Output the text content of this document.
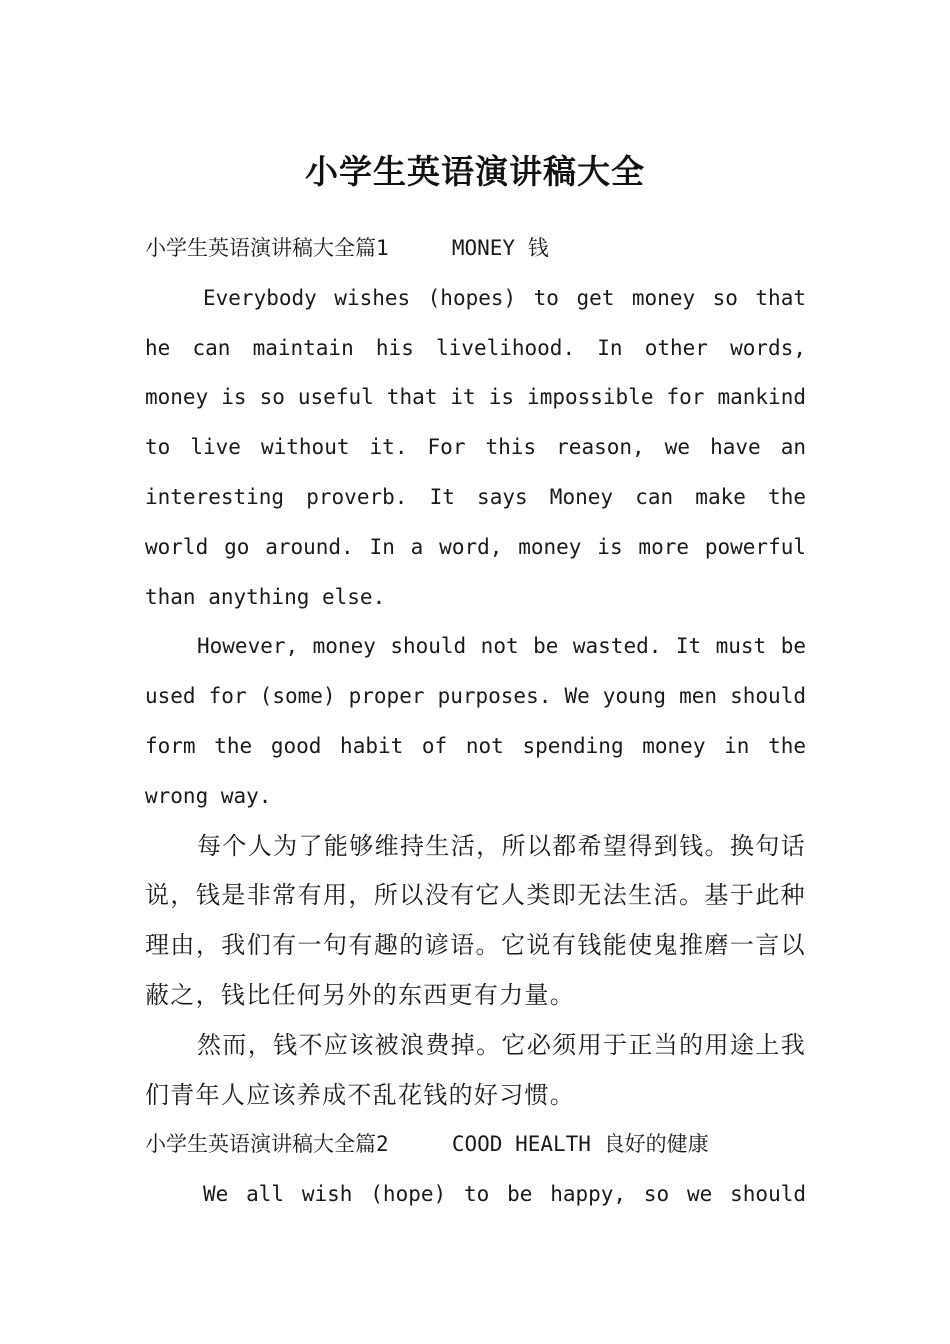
小学生英语演讲稿大全

小学生英语演讲稿大全篇1     MONEY 钱

Everybody wishes (hopes) to get money so that he can maintain his livelihood. In other words, money is so useful that it is impossible for mankind to live without it. For this reason, we have an interesting proverb. It says Money can make the world go around. In a word, money is more powerful than anything else.

However, money should not be wasted. It must be used for (some) proper purposes. We young men should form the good habit of not spending money in the wrong way.

每个人为了能够维持生活，所以都希望得到钱。换句话说，钱是非常有用，所以没有它人类即无法生活。基于此种理由，我们有一句有趣的谚语。它说有钱能使鬼推磨一言以蔽之，钱比任何另外的东西更有力量。

然而，钱不应该被浪费掉。它必须用于正当的用途上我们青年人应该养成不乱花钱的好习惯。

小学生英语演讲稿大全篇2     COOD HEALTH 良好的健康

We all wish (hope) to be happy, so we should
